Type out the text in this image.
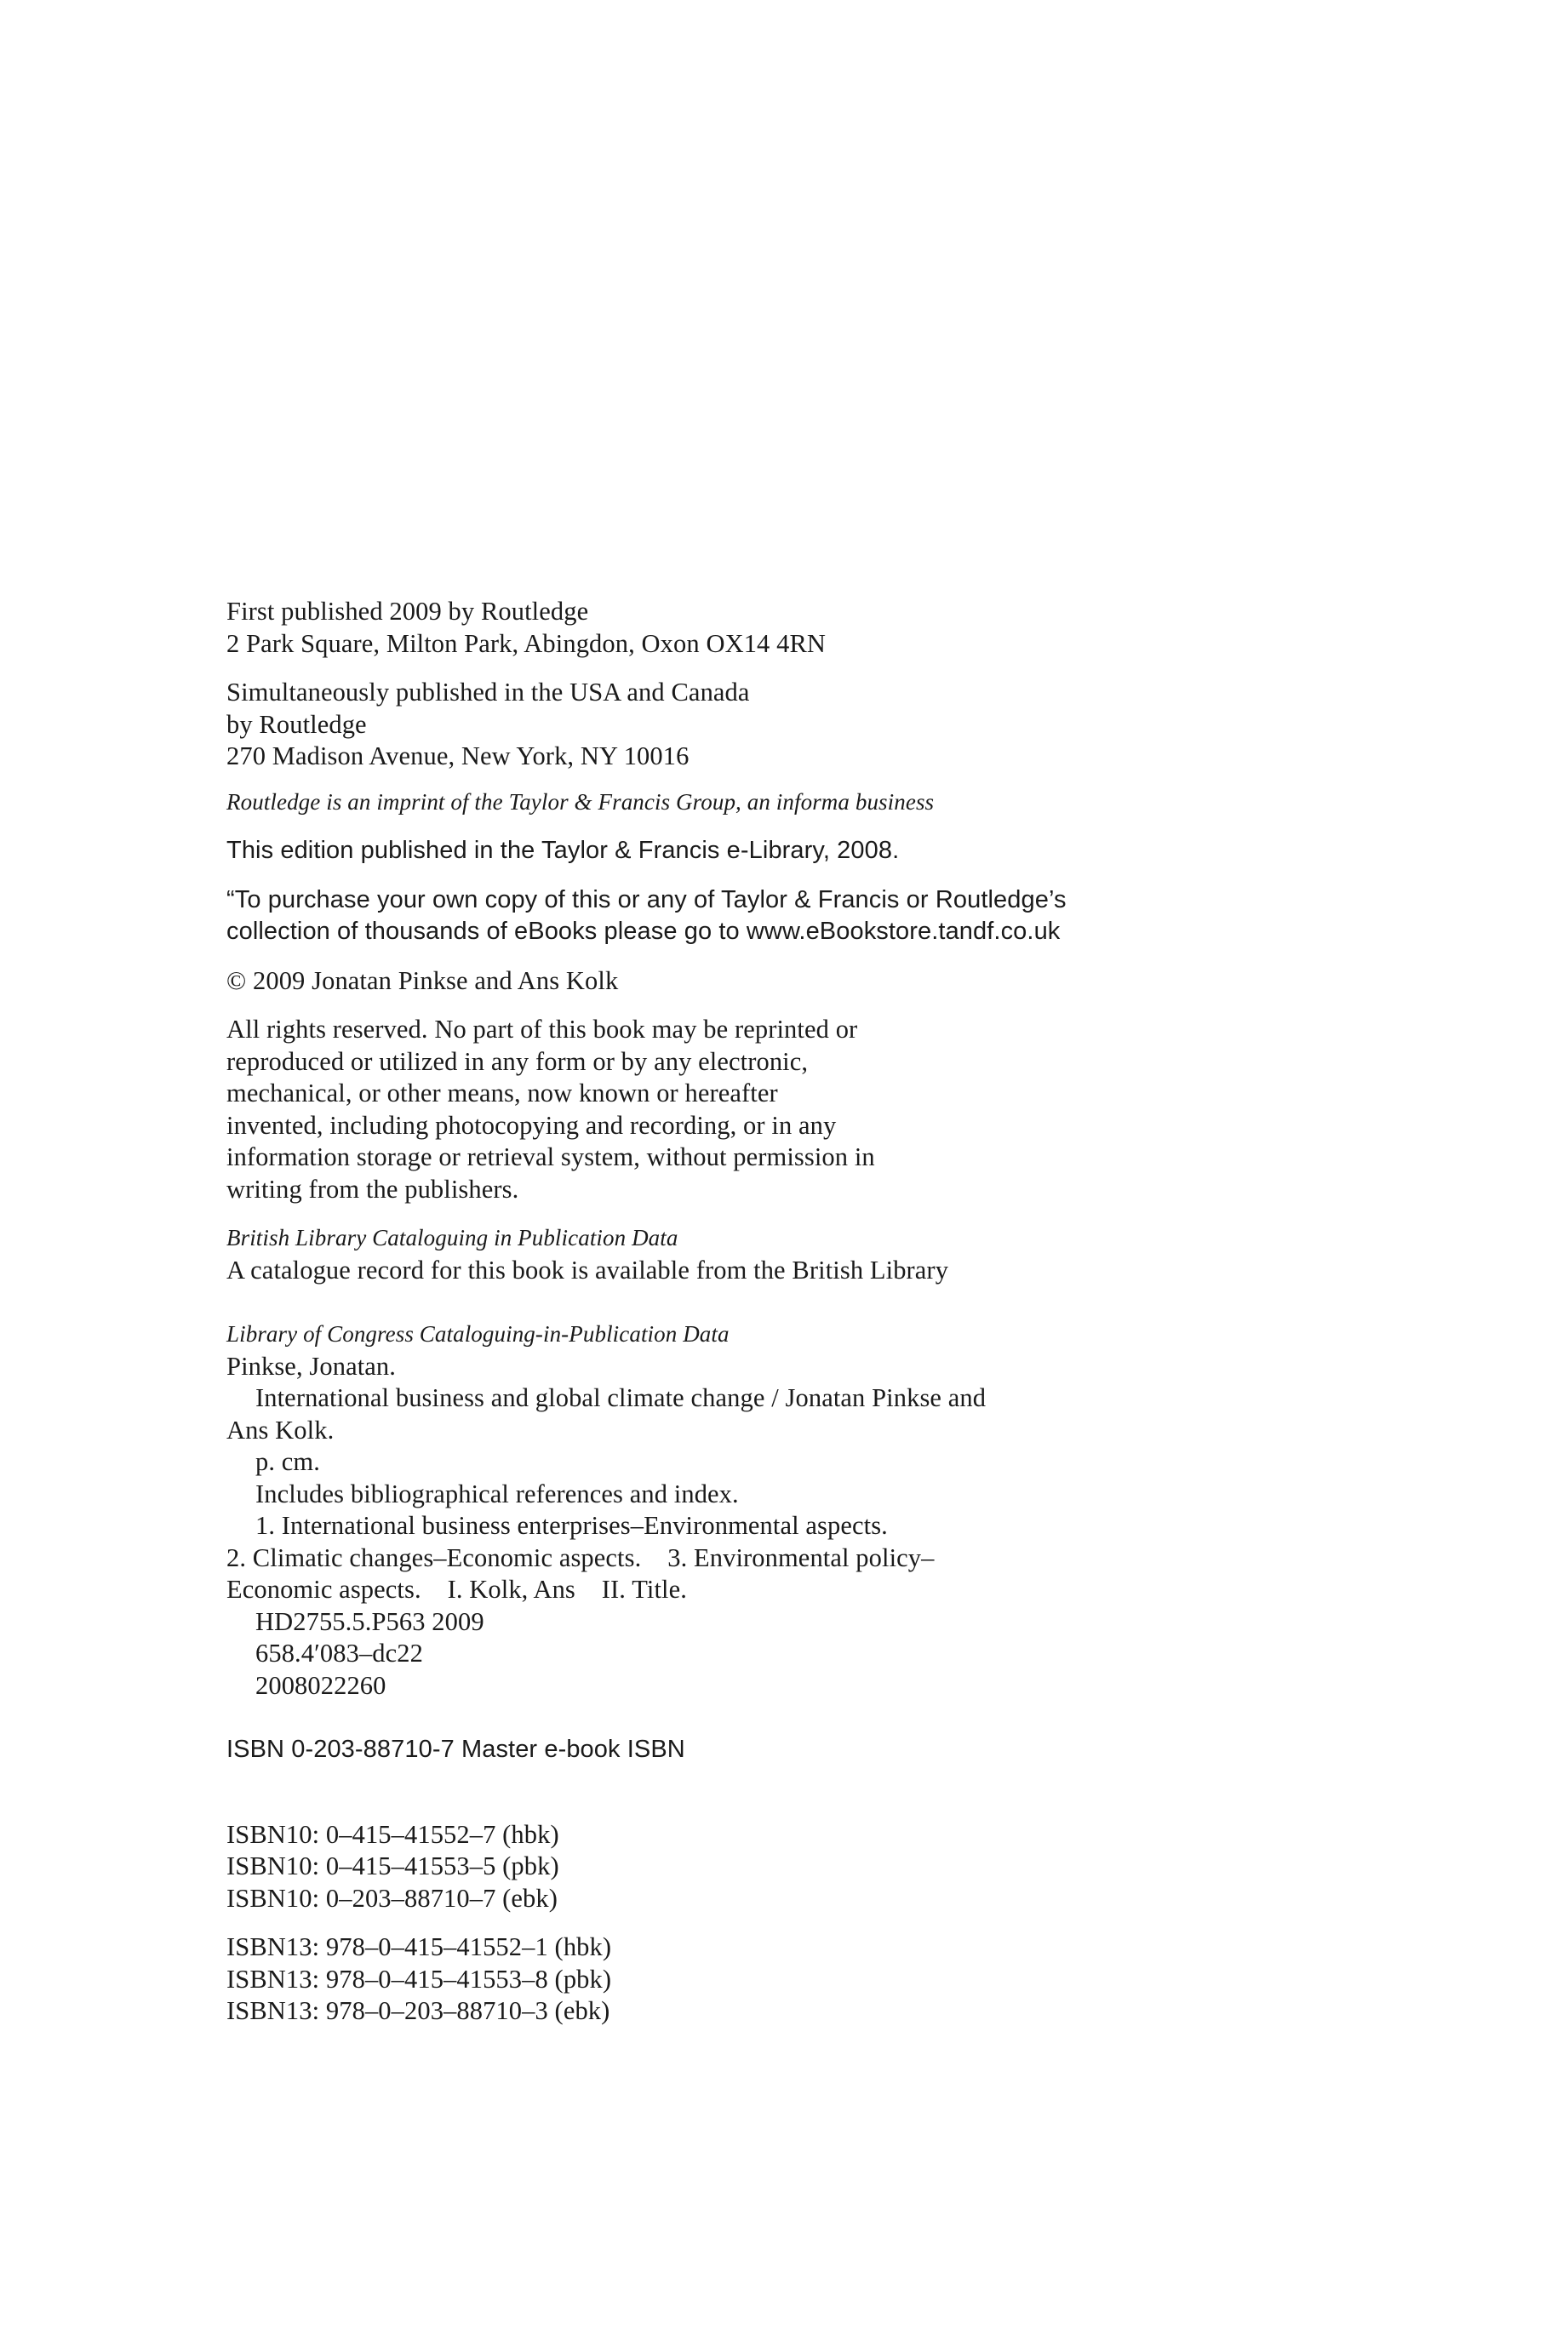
First published 2009 by Routledge
2 Park Square, Milton Park, Abingdon, Oxon OX14 4RN
Simultaneously published in the USA and Canada
by Routledge
270 Madison Avenue, New York, NY 10016
Routledge is an imprint of the Taylor & Francis Group, an informa business
This edition published in the Taylor & Francis e-Library, 2008.
“To purchase your own copy of this or any of Taylor & Francis or Routledge’s
collection of thousands of eBooks please go to www.eBookstore.tandf.co.uk
© 2009 Jonatan Pinkse and Ans Kolk
All rights reserved. No part of this book may be reprinted or
reproduced or utilized in any form or by any electronic,
mechanical, or other means, now known or hereafter
invented, including photocopying and recording, or in any
information storage or retrieval system, without permission in
writing from the publishers.
British Library Cataloguing in Publication Data
A catalogue record for this book is available from the British Library
Library of Congress Cataloguing-in-Publication Data
Pinkse, Jonatan.
International business and global climate change / Jonatan Pinkse and
Ans Kolk.
p. cm.
Includes bibliographical references and index.
1. International business enterprises–Environmental aspects.
2. Climatic changes–Economic aspects.    3. Environmental policy–
Economic aspects.    I. Kolk, Ans    II. Title.
HD2755.5.P563 2009
658.4′083–dc22
2008022260
ISBN 0-203-88710-7 Master e-book ISBN
ISBN10: 0–415–41552–7 (hbk)
ISBN10: 0–415–41553–5 (pbk)
ISBN10: 0–203–88710–7 (ebk)
ISBN13: 978–0–415–41552–1 (hbk)
ISBN13: 978–0–415–41553–8 (pbk)
ISBN13: 978–0–203–88710–3 (ebk)
